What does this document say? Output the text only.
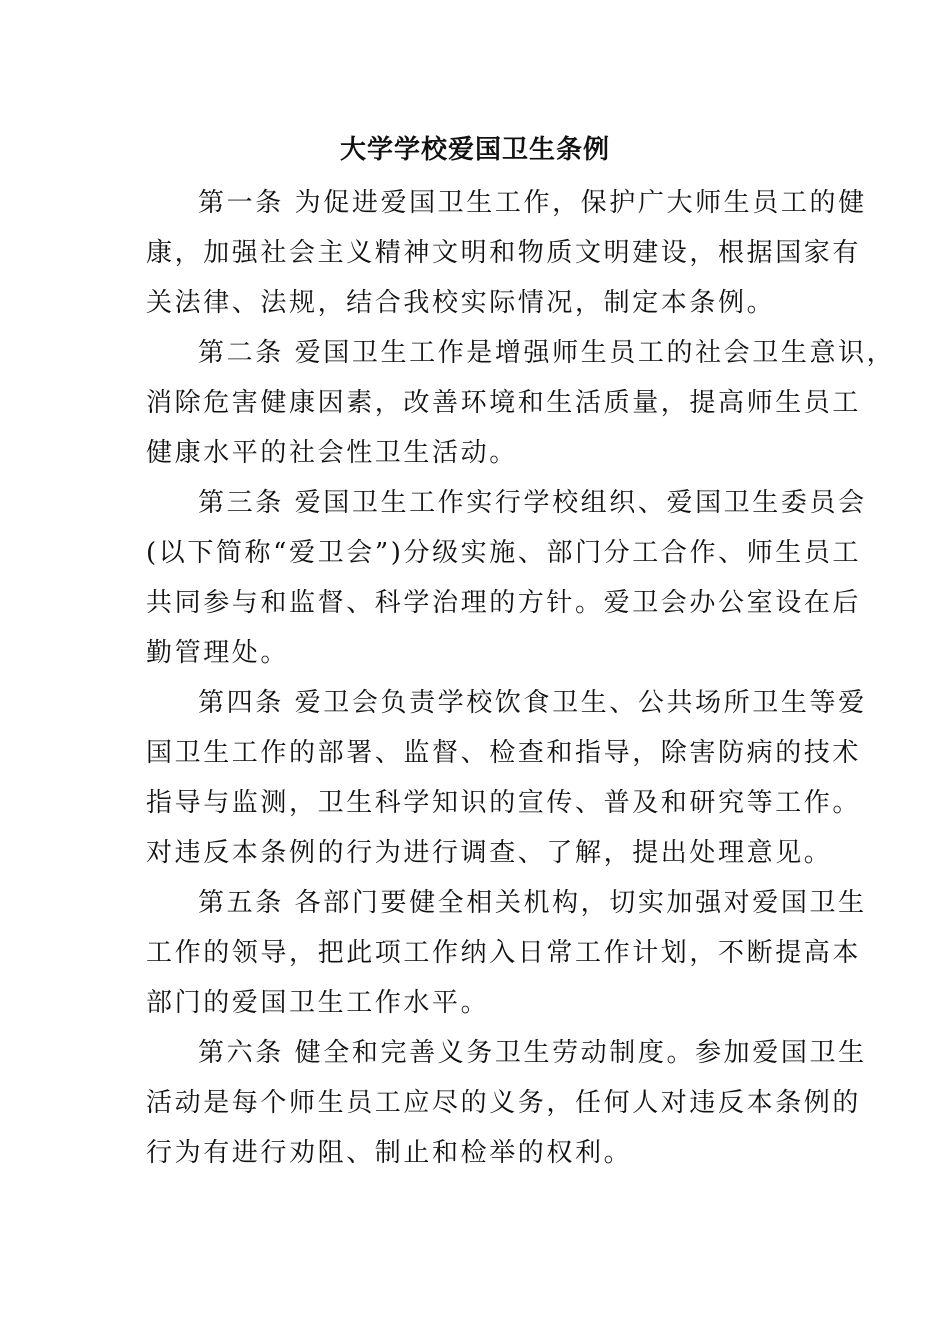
大学学校爱国卫生条例
第一条 为促进爱国卫生工作，保护广大师生员工的健
康，加强社会主义精神文明和物质文明建设，根据国家有
关法律、法规，结合我校实际情况，制定本条例。
第二条 爱国卫生工作是增强师生员工的社会卫生意识，
消除危害健康因素，改善环境和生活质量，提高师生员工
健康水平的社会性卫生活动。
第三条 爱国卫生工作实行学校组织、爱国卫生委员会
(以下简称“爱卫会”)分级实施、部门分工合作、师生员工
共同参与和监督、科学治理的方针。爱卫会办公室设在后
勤管理处。
第四条 爱卫会负责学校饮食卫生、公共场所卫生等爱
国卫生工作的部署、监督、检查和指导，除害防病的技术
指导与监测，卫生科学知识的宣传、普及和研究等工作。
对违反本条例的行为进行调查、了解，提出处理意见。
第五条 各部门要健全相关机构，切实加强对爱国卫生
工作的领导，把此项工作纳入日常工作计划，不断提高本
部门的爱国卫生工作水平。
第六条 健全和完善义务卫生劳动制度。参加爱国卫生
活动是每个师生员工应尽的义务，任何人对违反本条例的
行为有进行劝阻、制止和检举的权利。
